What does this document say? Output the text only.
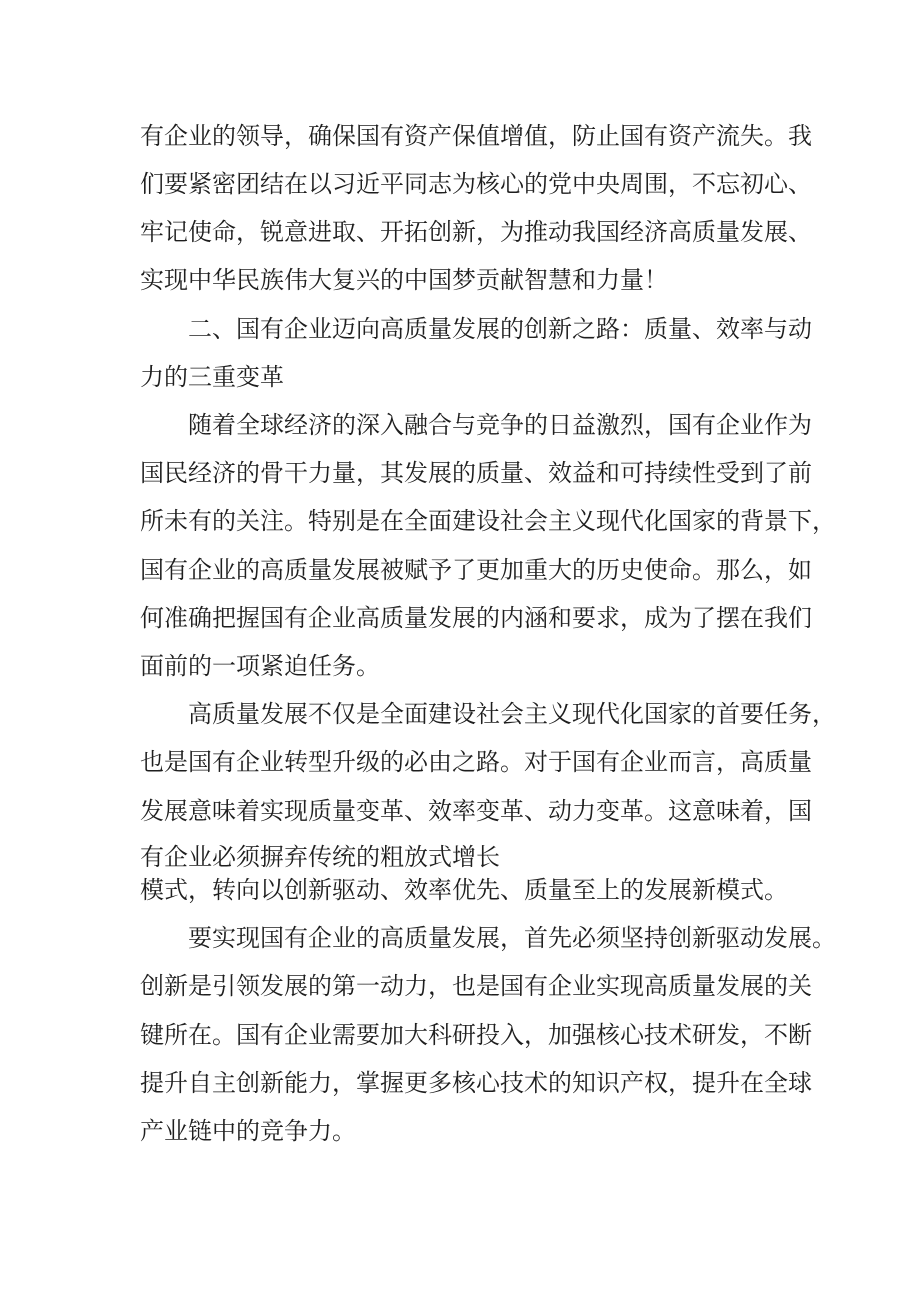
有企业的领导，确保国有资产保值增值，防止国有资产流失。我

们要紧密团结在以习近平同志为核心的党中央周围，不忘初心、

牢记使命，锐意进取、开拓创新，为推动我国经济高质量发展、

实现中华民族伟大复兴的中国梦贡献智慧和力量！

二、国有企业迈向高质量发展的创新之路：质量、效率与动

力的三重变革

随着全球经济的深入融合与竞争的日益激烈，国有企业作为

国民经济的骨干力量，其发展的质量、效益和可持续性受到了前

所未有的关注。特别是在全面建设社会主义现代化国家的背景下，

国有企业的高质量发展被赋予了更加重大的历史使命。那么，如

何准确把握国有企业高质量发展的内涵和要求，成为了摆在我们

面前的一项紧迫任务。

高质量发展不仅是全面建设社会主义现代化国家的首要任务，

也是国有企业转型升级的必由之路。对于国有企业而言，高质量

发展意味着实现质量变革、效率变革、动力变革。这意味着，国

有企业必须摒弃传统的粗放式增长

模式，转向以创新驱动、效率优先、质量至上的发展新模式。

要实现国有企业的高质量发展，首先必须坚持创新驱动发展。

创新是引领发展的第一动力，也是国有企业实现高质量发展的关

键所在。国有企业需要加大科研投入，加强核心技术研发，不断

提升自主创新能力，掌握更多核心技术的知识产权，提升在全球

产业链中的竞争力。
